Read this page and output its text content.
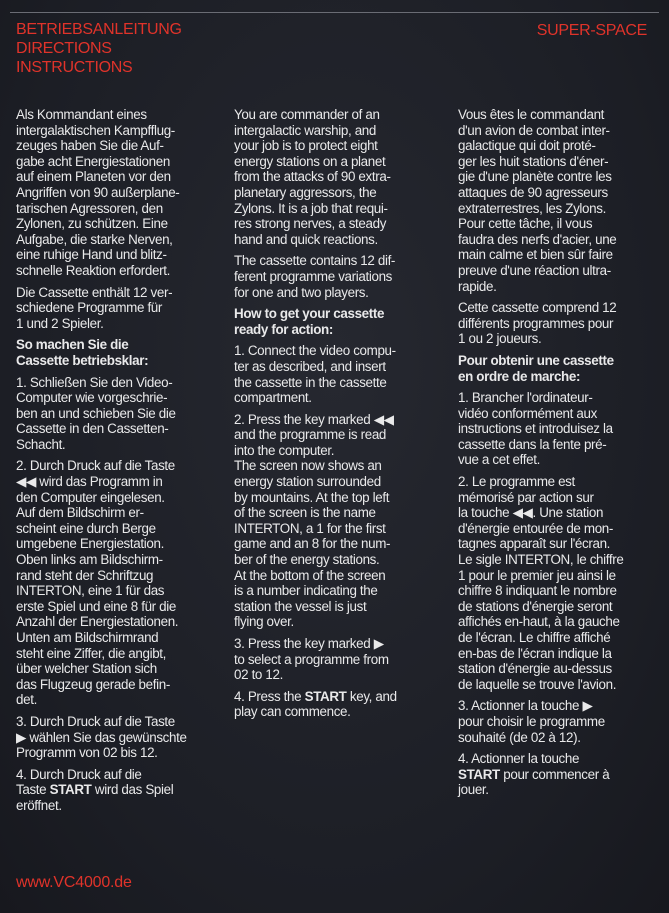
BETRIEBSANLEITUNG
DIRECTIONS
INSTRUCTIONS
SUPER-SPACE

Als Kommandant eines
intergalaktischen Kampfflug-
zeuges haben Sie die Auf-
gabe acht Energiestationen
auf einem Planeten vor den
Angriffen von 90 außerplane-
tarischen Agressoren, den
Zylonen, zu schützen. Eine
Aufgabe, die starke Nerven,
eine ruhige Hand und blitz-
schnelle Reaktion erfordert.

Die Cassette enthält 12 ver-
schiedene Programme für
1 und 2 Spieler.

So machen Sie die
Cassette betriebsklar:

1. Schließen Sie den Video-
Computer wie vorgeschrie-
ben an und schieben Sie die
Cassette in den Cassetten-
Schacht.

2. Durch Druck auf die Taste
◀◀ wird das Programm in
den Computer eingelesen.
Auf dem Bildschirm er-
scheint eine durch Berge
umgebene Energiestation.
Oben links am Bildschirm-
rand steht der Schriftzug
INTERTON, eine 1 für das
erste Spiel und eine 8 für die
Anzahl der Energiestationen.
Unten am Bildschirmrand
steht eine Ziffer, die angibt,
über welcher Station sich
das Flugzeug gerade befin-
det.

3. Durch Druck auf die Taste
▶ wählen Sie das gewünschte
Programm von 02 bis 12.

4. Durch Druck auf die
Taste START wird das Spiel
eröffnet.

You are commander of an
intergalactic warship, and
your job is to protect eight
energy stations on a planet
from the attacks of 90 extra-
planetary aggressors, the
Zylons. It is a job that requi-
res strong nerves, a steady
hand and quick reactions.

The cassette contains 12 dif-
ferent programme variations
for one and two players.

How to get your cassette
ready for action:

1. Connect the video compu-
ter as described, and insert
the cassette in the cassette
compartment.

2. Press the key marked ◀◀
and the programme is read
into the computer.
The screen now shows an
energy station surrounded
by mountains. At the top left
of the screen is the name
INTERTON, a 1 for the first
game and an 8 for the num-
ber of the energy stations.
At the bottom of the screen
is a number indicating the
station the vessel is just
flying over.

3. Press the key marked ▶
to select a programme from
02 to 12.

4. Press the START key, and
play can commence.

Vous êtes le commandant
d'un avion de combat inter-
galactique qui doit proté-
ger les huit stations d'éner-
gie d'une planète contre les
attaques de 90 agresseurs
extraterrestres, les Zylons.
Pour cette tâche, il vous
faudra des nerfs d'acier, une
main calme et bien sûr faire
preuve d'une réaction ultra-
rapide.

Cette cassette comprend 12
différents programmes pour
1 ou 2 joueurs.

Pour obtenir une cassette
en ordre de marche:

1. Brancher l'ordinateur-
vidéo conformément aux
instructions et introduisez la
cassette dans la fente pré-
vue a cet effet.

2. Le programme est
mémorisé par action sur
la touche ◀◀. Une station
d'énergie entourée de mon-
tagnes apparaît sur l'écran.
Le sigle INTERTON, le chiffre
1 pour le premier jeu ainsi le
chiffre 8 indiquant le nombre
de stations d'énergie seront
affichés en-haut, à la gauche
de l'écran. Le chiffre affiché
en-bas de l'écran indique la
station d'énergie au-dessus
de laquelle se trouve l'avion.

3. Actionner la touche ▶
pour choisir le programme
souhaité (de 02 à 12).

4. Actionner la touche
START pour commencer à
jouer.

www.VC4000.de
